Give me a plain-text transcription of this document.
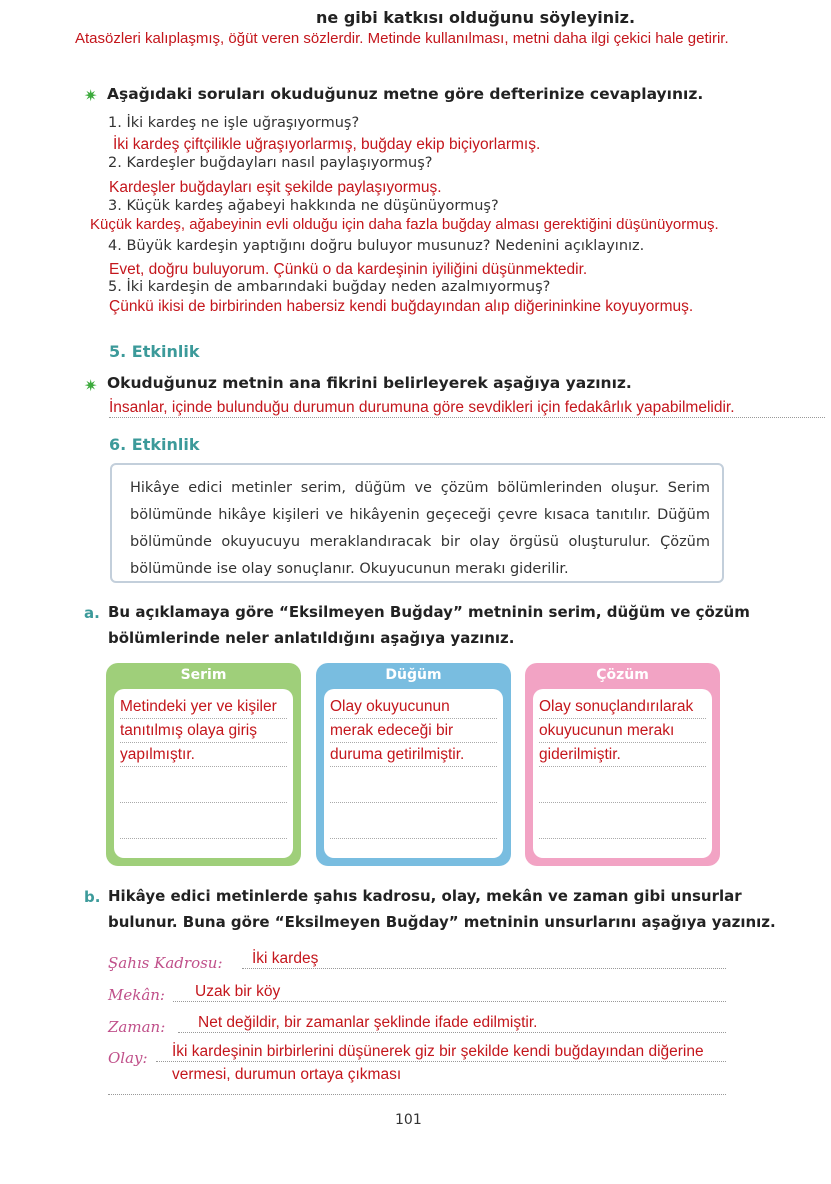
ne gibi katkısı olduğunu söyleyiniz.
Atasözleri kalıplaşmış, öğüt veren sözlerdir. Metinde kullanılması, metni daha ilgi çekici hale getirir.
✷ Aşağıdaki soruları okuduğunuz metne göre defterinize cevaplayınız.
1. İki kardeş ne işle uğraşıyormuş?
İki kardeş çiftçilikle uğraşıyorlarmış, buğday ekip biçiyorlarmış.
2. Kardeşler buğdayları nasıl paylaşıyormuş?
Kardeşler buğdayları eşit şekilde paylaşıyormuş.
3. Küçük kardeş ağabeyi hakkında ne düşünüyormuş?
Küçük kardeş, ağabeyinin evli olduğu için daha fazla buğday alması gerektiğini düşünüyormuş.
4. Büyük kardeşin yaptığını doğru buluyor musunuz? Nedenini açıklayınız.
Evet, doğru buluyorum. Çünkü o da kardeşinin iyiliğini düşünmektedir.
5. İki kardeşin de ambarındaki buğday neden azalmıyormuş?
Çünkü ikisi de birbirinden habersiz kendi buğdayından alıp diğerininkine koyuyormuş.
5. Etkinlik
✷ Okuduğunuz metnin ana fikrini belirleyerek aşağıya yazınız.
İnsanlar, içinde bulunduğu durumun durumuna göre sevdikleri için fedakârlık yapabilmelidir.
6. Etkinlik
Hikâye edici metinler serim, düğüm ve çözüm bölümlerinden oluşur. Serim bölümünde hikâye kişileri ve hikâyenin geçeceği çevre kısaca tanıtılır. Düğüm bölümünde okuyucuyu meraklandıracak bir olay örgüsü oluşturulur. Çözüm bölümünde ise olay sonuçlanır. Okuyucunun merakı giderilir.
a. Bu açıklamaya göre “Eksilmeyen Buğday” metninin serim, düğüm ve çözüm
bölümlerinde neler anlatıldığını aşağıya yazınız.
Serim
Metindeki yer ve kişiler
tanıtılmış olaya giriş
yapılmıştır.
Düğüm
Olay okuyucunun
merak edeceği bir
duruma getirilmiştir.
Çözüm
Olay sonuçlandırılarak
okuyucunun merakı
giderilmiştir.
b. Hikâye edici metinlerde şahıs kadrosu, olay, mekân ve zaman gibi unsurlar
bulunur. Buna göre “Eksilmeyen Buğday” metninin unsurlarını aşağıya yazınız.
Şahıs Kadrosu:	İki kardeş
Mekân:	Uzak bir köy
Zaman:	Net değildir, bir zamanlar şeklinde ifade edilmiştir.
Olay:	İki kardeşinin birbirlerini düşünerek giz bir şekilde kendi buğdayından diğerine
vermesi, durumun ortaya çıkması
101
